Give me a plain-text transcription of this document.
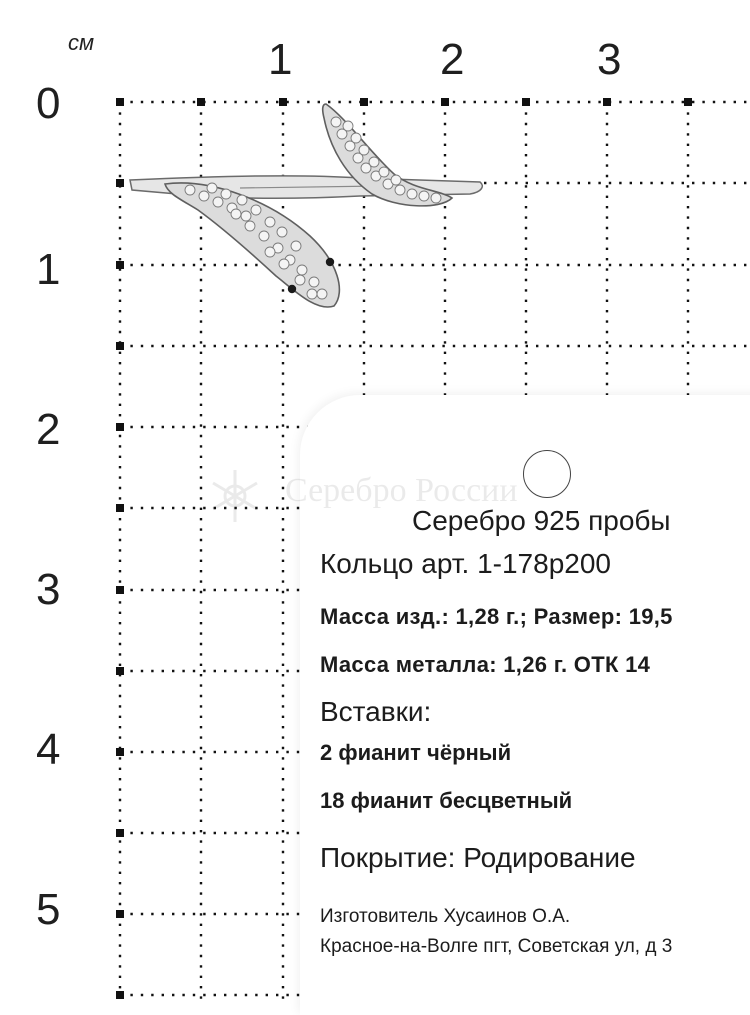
см	1	2	3
0
1
2
3
4
5
Серебро России
Серебро 925 пробы
Кольцо арт. 1-178р200
Масса изд.: 1,28 г.; Размер: 19,5
Масса металла: 1,26 г. ОТК 14
Вставки:
2 фианит чёрный
18 фианит бесцветный
Покрытие: Родирование
Изготовитель Хусаинов О.А.
Красное-на-Волге пгт, Советская ул, д 3
